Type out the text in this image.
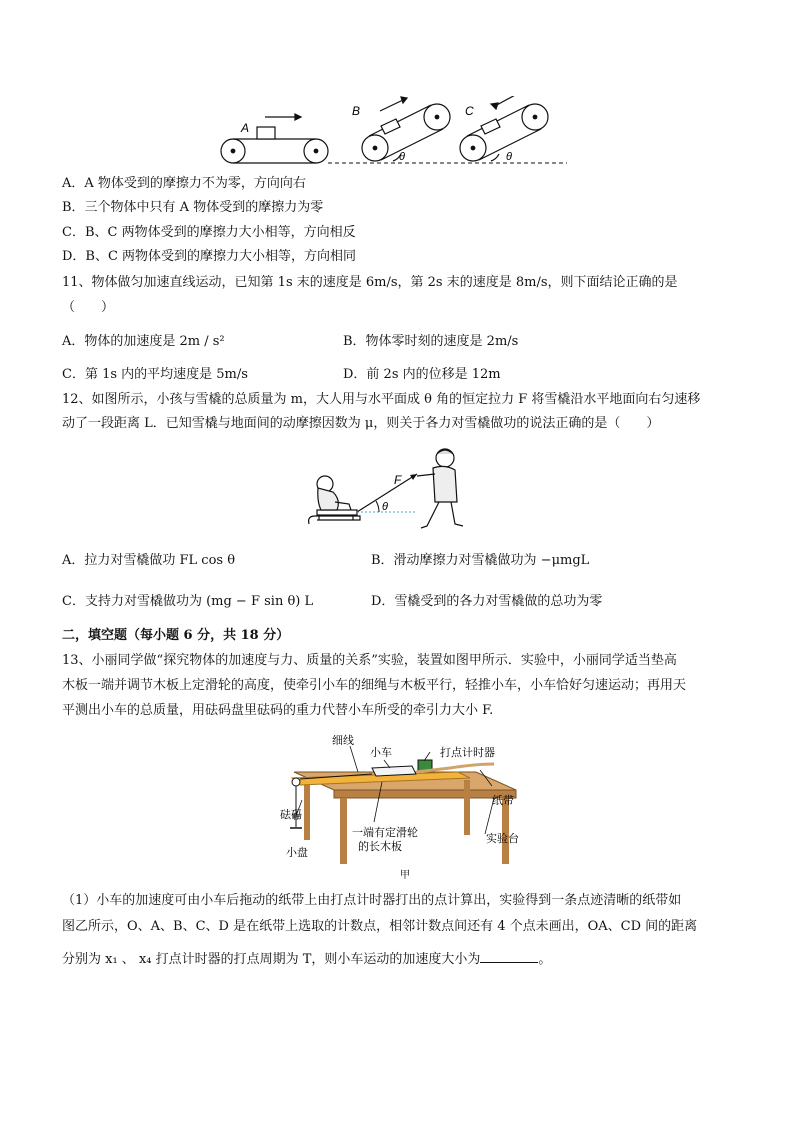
A
B
θ
C
θ
A．A 物体受到的摩擦力不为零，方向向右
B．三个物体中只有 A 物体受到的摩擦力为零
C．B、C 两物体受到的摩擦力大小相等，方向相反
D．B、C 两物体受到的摩擦力大小相等，方向相同
11、物体做匀加速直线运动，已知第 1s 末的速度是 6m/s，第 2s 末的速度是 8m/s，则下面结论正确的是
（　　）
A．物体的加速度是 2m / s²	B．物体零时刻的速度是 2m/s
C．第 1s 内的平均速度是 5m/s	D．前 2s 内的位移是 12m
12、如图所示，小孩与雪橇的总质量为 m，大人用与水平面成 θ 角的恒定拉力 F 将雪橇沿水平地面向右匀速移
动了一段距离 L．已知雪橇与地面间的动摩擦因数为 μ，则关于各力对雪橇做功的说法正确的是（　　）
F
θ
A．拉力对雪橇做功 FL cos θ	B．滑动摩擦力对雪橇做功为 −μmgL
C．支持力对雪橇做功为 (mg − F sin θ) L	D．雪橇受到的各力对雪橇做的总功为零
二，填空题（每小题 6 分，共 18 分）
13、小丽同学做“探究物体的加速度与力、质量的关系”实验，装置如图甲所示．实验中，小丽同学适当垫高
木板一端并调节木板上定滑轮的高度，使牵引小车的细绳与木板平行，轻推小车，小车恰好匀速运动；再用天
平测出小车的总质量，用砝码盘里砝码的重力代替小车所受的牵引力大小 F.
细线
小车	打点计时器
纸带
砝码
小盘
一端有定滑轮
的长木板
实验台
甲
（1）小车的加速度可由小车后拖动的纸带上由打点计时器打出的点计算出，实验得到一条点迹清晰的纸带如
图乙所示，O、A、B、C、D 是在纸带上选取的计数点，相邻计数点间还有 4 个点未画出，OA、CD 间的距离
分别为 x₁ 、 x₄ 打点计时器的打点周期为 T，则小车运动的加速度大小为	。
